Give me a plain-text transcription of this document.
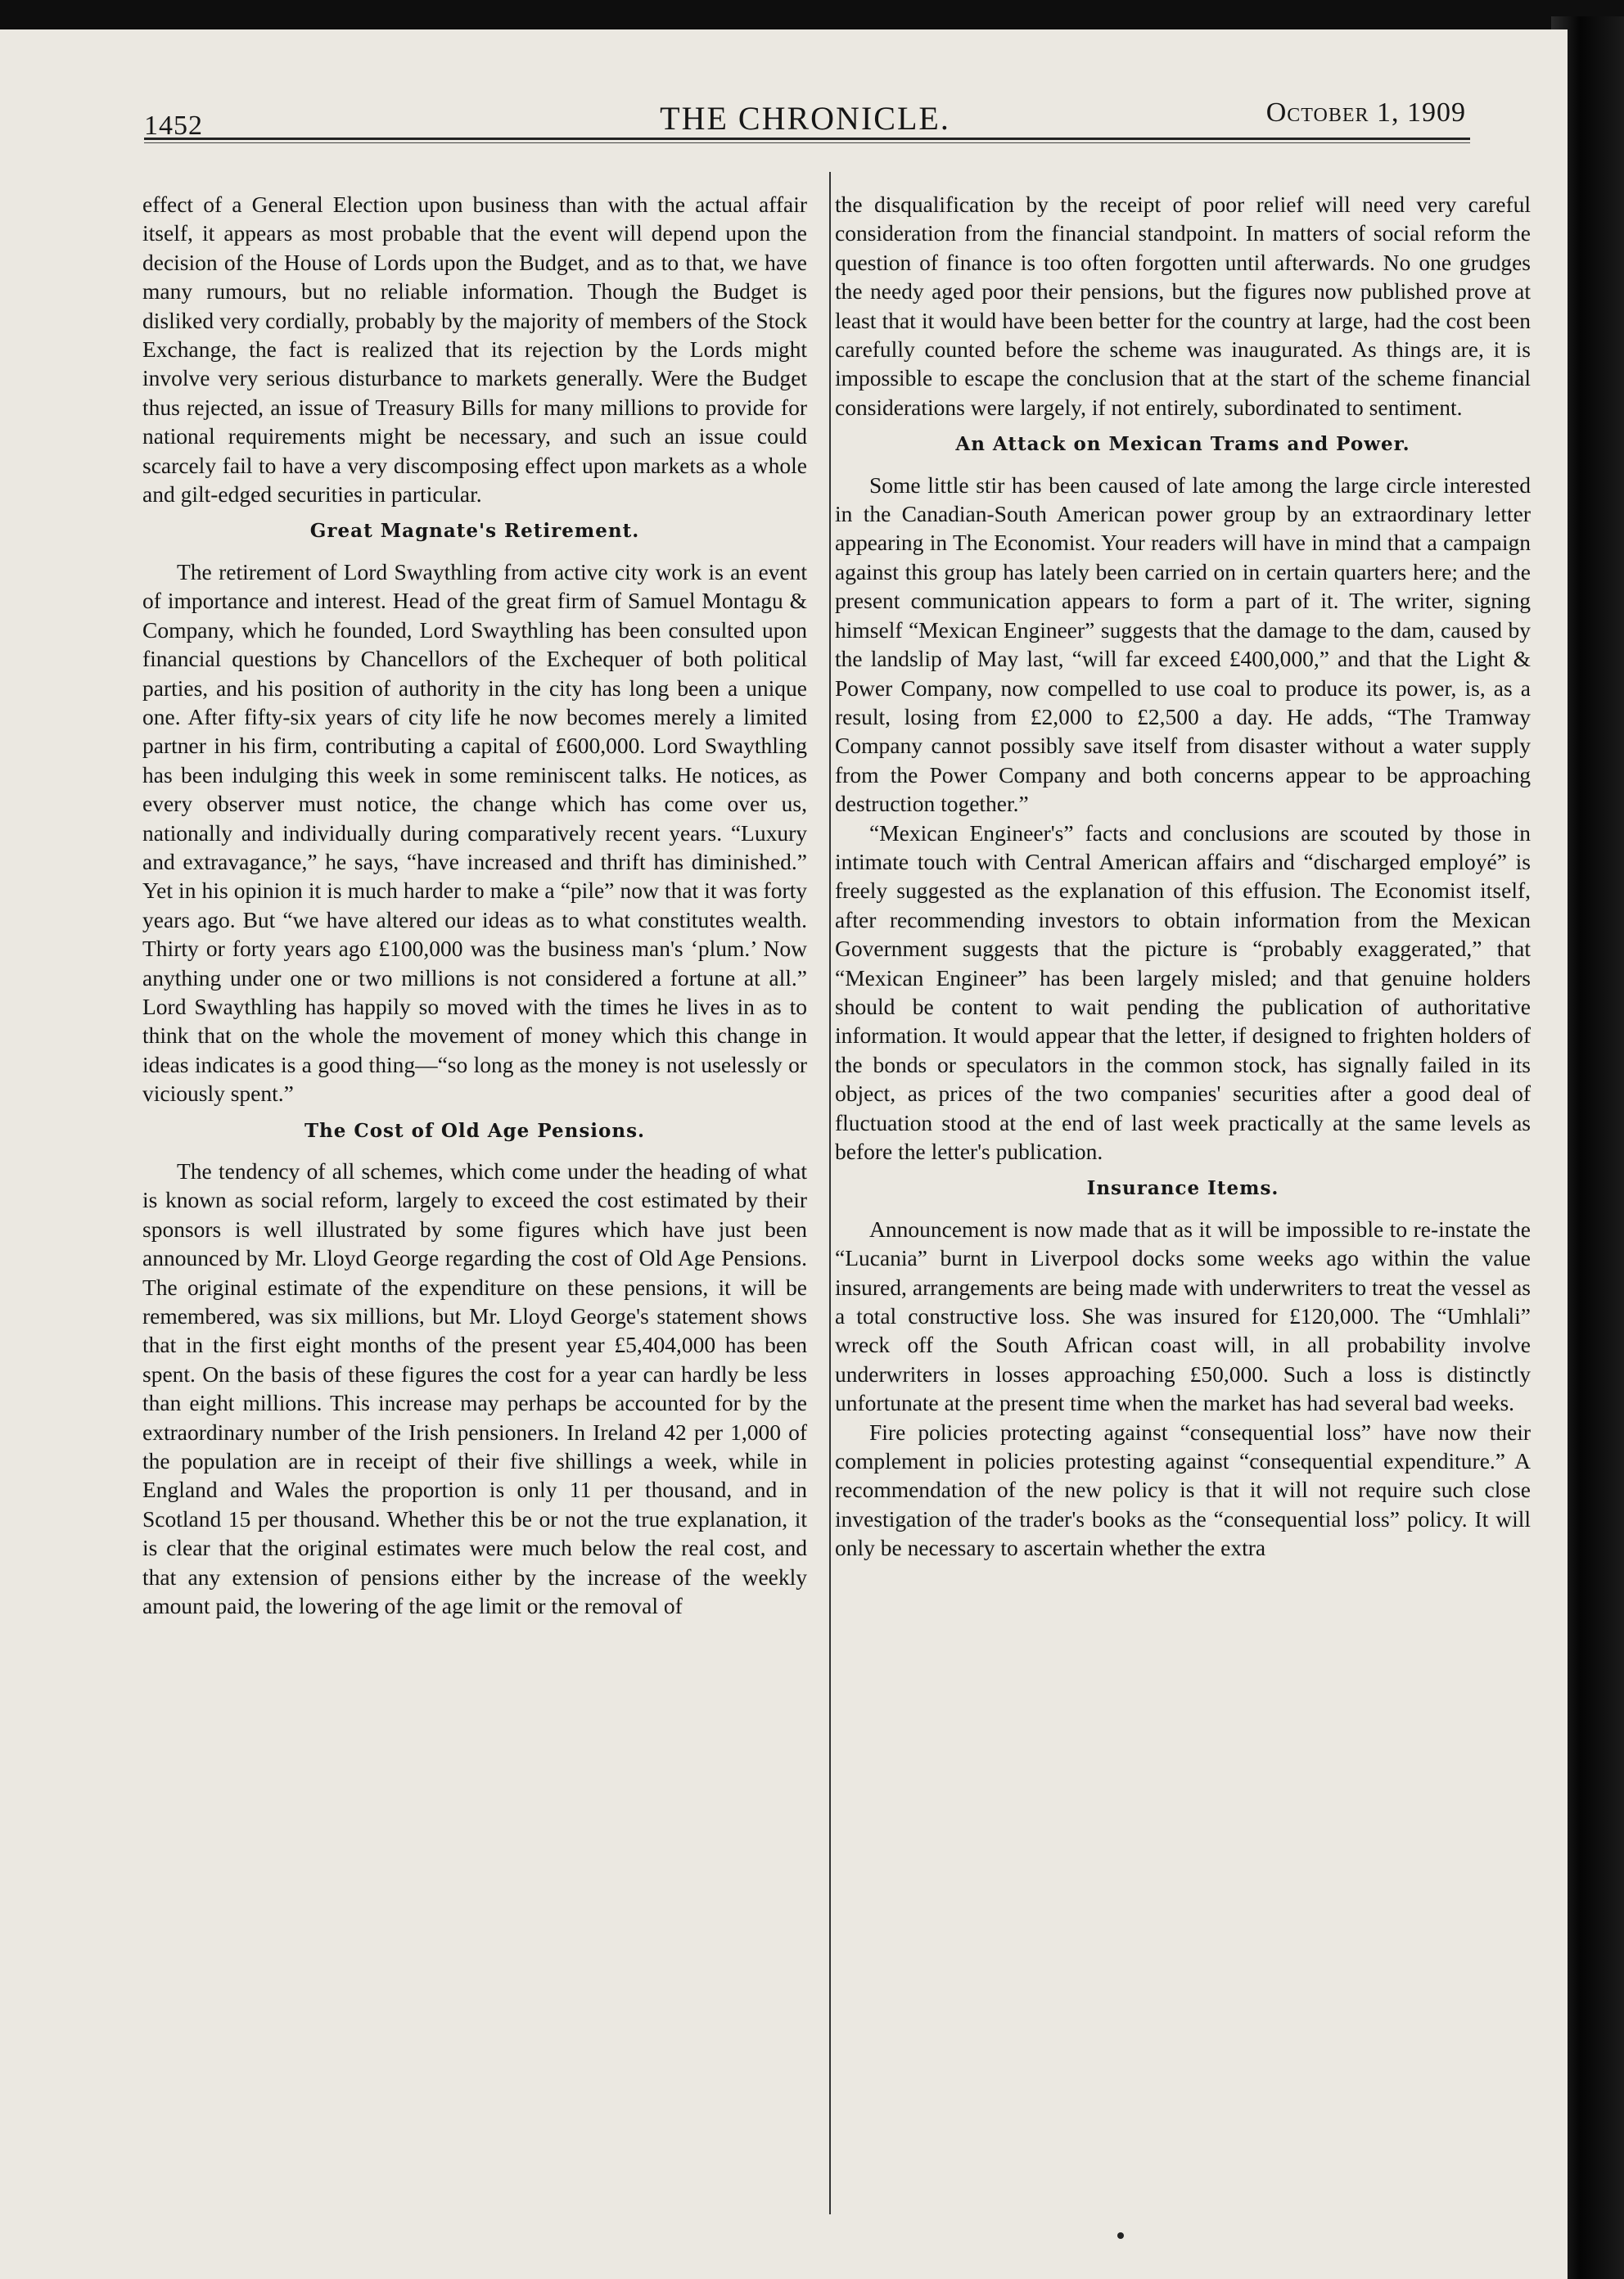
1452	THE CHRONICLE.	October 1, 1909

effect of a General Election upon business than with the actual affair itself, it appears as most probable that the event will depend upon the decision of the House of Lords upon the Budget, and as to that, we have many rumours, but no reliable information. Though the Budget is disliked very cordially, probably by the majority of members of the Stock Exchange, the fact is realized that its rejection by the Lords might involve very serious disturbance to markets generally. Were the Budget thus rejected, an issue of Treasury Bills for many millions to provide for national requirements might be necessary, and such an issue could scarcely fail to have a very discomposing effect upon markets as a whole and gilt-edged securities in particular.

Great Magnate's Retirement.

The retirement of Lord Swaythling from active city work is an event of importance and interest. Head of the great firm of Samuel Montagu & Company, which he founded, Lord Swaythling has been consulted upon financial questions by Chancellors of the Exchequer of both political parties, and his position of authority in the city has long been a unique one. After fifty-six years of city life he now becomes merely a limited partner in his firm, contributing a capital of £600,000. Lord Swaythling has been indulging this week in some reminiscent talks. He notices, as every observer must notice, the change which has come over us, nationally and individually during comparatively recent years. “Luxury and extravagance,” he says, “have increased and thrift has diminished.” Yet in his opinion it is much harder to make a “pile” now that it was forty years ago. But “we have altered our ideas as to what constitutes wealth. Thirty or forty years ago £100,000 was the business man's ‘plum.’ Now anything under one or two millions is not considered a fortune at all.” Lord Swaythling has happily so moved with the times he lives in as to think that on the whole the movement of money which this change in ideas indicates is a good thing—“so long as the money is not uselessly or viciously spent.”

The Cost of Old Age Pensions.

The tendency of all schemes, which come under the heading of what is known as social reform, largely to exceed the cost estimated by their sponsors is well illustrated by some figures which have just been announced by Mr. Lloyd George regarding the cost of Old Age Pensions. The original estimate of the expenditure on these pensions, it will be remembered, was six millions, but Mr. Lloyd George's statement shows that in the first eight months of the present year £5,404,000 has been spent. On the basis of these figures the cost for a year can hardly be less than eight millions. This increase may perhaps be accounted for by the extraordinary number of the Irish pensioners. In Ireland 42 per 1,000 of the population are in receipt of their five shillings a week, while in England and Wales the proportion is only 11 per thousand, and in Scotland 15 per thousand. Whether this be or not the true explanation, it is clear that the original estimates were much below the real cost, and that any extension of pensions either by the increase of the weekly amount paid, the lowering of the age limit or the removal of

the disqualification by the receipt of poor relief will need very careful consideration from the financial standpoint. In matters of social reform the question of finance is too often forgotten until afterwards. No one grudges the needy aged poor their pensions, but the figures now published prove at least that it would have been better for the country at large, had the cost been carefully counted before the scheme was inaugurated. As things are, it is impossible to escape the conclusion that at the start of the scheme financial considerations were largely, if not entirely, subordinated to sentiment.

An Attack on Mexican Trams and Power.

Some little stir has been caused of late among the large circle interested in the Canadian-South American power group by an extraordinary letter appearing in The Economist. Your readers will have in mind that a campaign against this group has lately been carried on in certain quarters here; and the present communication appears to form a part of it. The writer, signing himself “Mexican Engineer” suggests that the damage to the dam, caused by the landslip of May last, “will far exceed £400,000,” and that the Light & Power Company, now compelled to use coal to produce its power, is, as a result, losing from £2,000 to £2,500 a day. He adds, “The Tramway Company cannot possibly save itself from disaster without a water supply from the Power Company and both concerns appear to be approaching destruction together.”

“Mexican Engineer's” facts and conclusions are scouted by those in intimate touch with Central American affairs and “discharged employé” is freely suggested as the explanation of this effusion. The Economist itself, after recommending investors to obtain information from the Mexican Government suggests that the picture is “probably exaggerated,” that “Mexican Engineer” has been largely misled; and that genuine holders should be content to wait pending the publication of authoritative information. It would appear that the letter, if designed to frighten holders of the bonds or speculators in the common stock, has signally failed in its object, as prices of the two companies' securities after a good deal of fluctuation stood at the end of last week practically at the same levels as before the letter's publication.

Insurance Items.

Announcement is now made that as it will be impossible to re-instate the “Lucania” burnt in Liverpool docks some weeks ago within the value insured, arrangements are being made with underwriters to treat the vessel as a total constructive loss. She was insured for £120,000. The “Umhlali” wreck off the South African coast will, in all probability involve underwriters in losses approaching £50,000. Such a loss is distinctly unfortunate at the present time when the market has had several bad weeks.

Fire policies protecting against “consequential loss” have now their complement in policies protesting against “consequential expenditure.” A recommendation of the new policy is that it will not require such close investigation of the trader's books as the “consequential loss” policy. It will only be necessary to ascertain whether the extra
